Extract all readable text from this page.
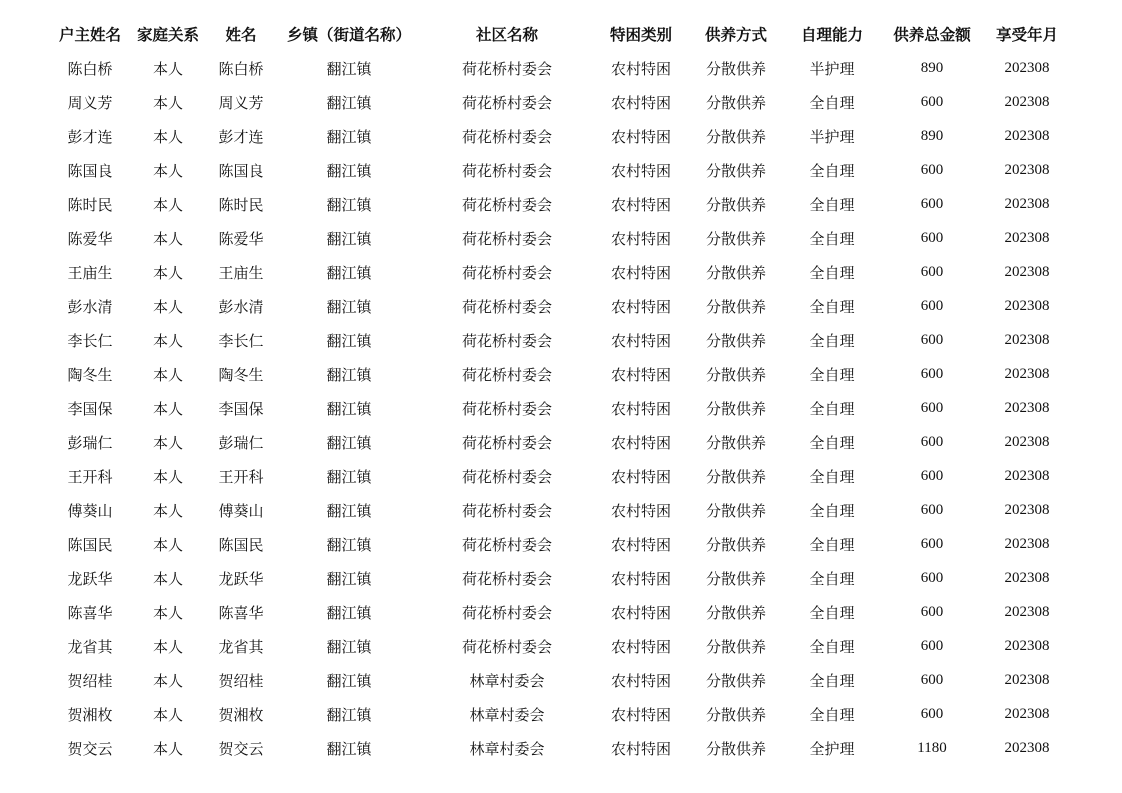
户主姓名	家庭关系	姓名	乡镇（街道名称）	社区名称	特困类别	供养方式	自理能力	供养总金额	享受年月
陈白桥	本人	陈白桥	翻江镇	荷花桥村委会	农村特困	分散供养	半护理	890	202308
周义芳	本人	周义芳	翻江镇	荷花桥村委会	农村特困	分散供养	全自理	600	202308
彭才连	本人	彭才连	翻江镇	荷花桥村委会	农村特困	分散供养	半护理	890	202308
陈国良	本人	陈国良	翻江镇	荷花桥村委会	农村特困	分散供养	全自理	600	202308
陈时民	本人	陈时民	翻江镇	荷花桥村委会	农村特困	分散供养	全自理	600	202308
陈爱华	本人	陈爱华	翻江镇	荷花桥村委会	农村特困	分散供养	全自理	600	202308
王庙生	本人	王庙生	翻江镇	荷花桥村委会	农村特困	分散供养	全自理	600	202308
彭水清	本人	彭水清	翻江镇	荷花桥村委会	农村特困	分散供养	全自理	600	202308
李长仁	本人	李长仁	翻江镇	荷花桥村委会	农村特困	分散供养	全自理	600	202308
陶冬生	本人	陶冬生	翻江镇	荷花桥村委会	农村特困	分散供养	全自理	600	202308
李国保	本人	李国保	翻江镇	荷花桥村委会	农村特困	分散供养	全自理	600	202308
彭瑞仁	本人	彭瑞仁	翻江镇	荷花桥村委会	农村特困	分散供养	全自理	600	202308
王开科	本人	王开科	翻江镇	荷花桥村委会	农村特困	分散供养	全自理	600	202308
傅葵山	本人	傅葵山	翻江镇	荷花桥村委会	农村特困	分散供养	全自理	600	202308
陈国民	本人	陈国民	翻江镇	荷花桥村委会	农村特困	分散供养	全自理	600	202308
龙跃华	本人	龙跃华	翻江镇	荷花桥村委会	农村特困	分散供养	全自理	600	202308
陈喜华	本人	陈喜华	翻江镇	荷花桥村委会	农村特困	分散供养	全自理	600	202308
龙省其	本人	龙省其	翻江镇	荷花桥村委会	农村特困	分散供养	全自理	600	202308
贺绍桂	本人	贺绍桂	翻江镇	林章村委会	农村特困	分散供养	全自理	600	202308
贺湘枚	本人	贺湘枚	翻江镇	林章村委会	农村特困	分散供养	全自理	600	202308
贺交云	本人	贺交云	翻江镇	林章村委会	农村特困	分散供养	全护理	1180	202308
